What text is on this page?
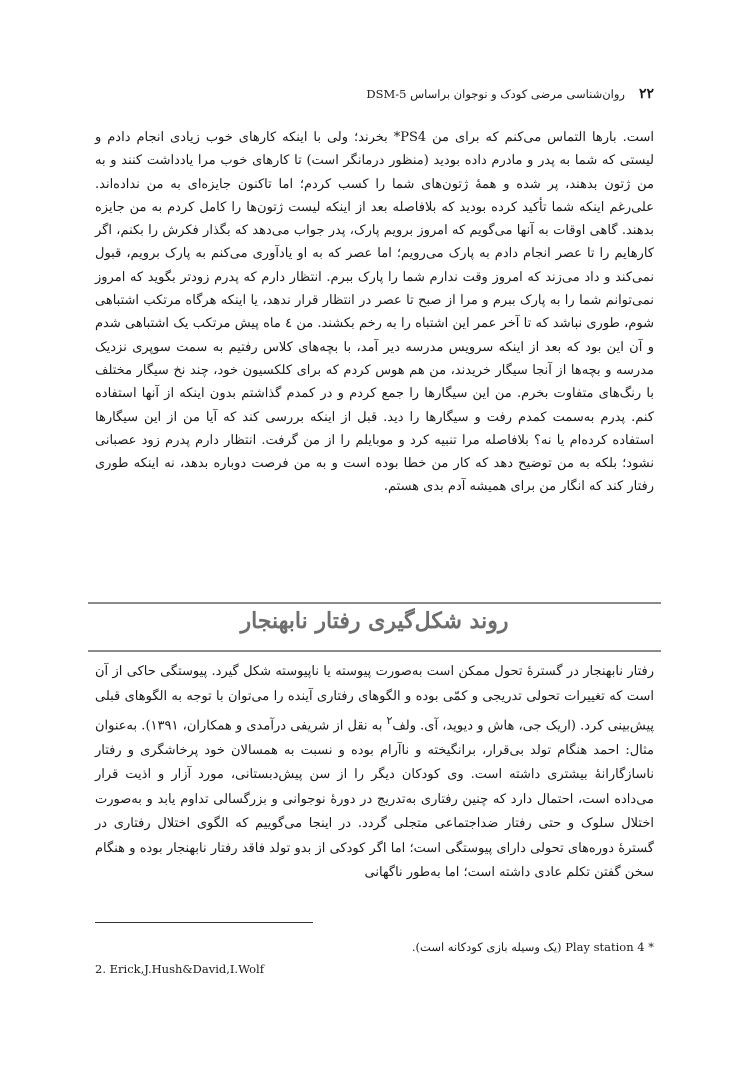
۲۲
روان‌شناسی مرضی کودک و نوجوان براساس DSM-5

است. بارها التماس می‌کنم که برای من PS4* بخرند؛ ولی با اینکه کارهای خوب زیادی انجام دادم و لیستی که شما به پدر و مادرم داده بودید (منظور درمانگر است) تا کارهای خوب مرا یادداشت کنند و به من ژتون بدهند، پر شده و همهٔ ژتون‌های شما را کسب کردم؛ اما تاکنون جایزه‌ای به من نداده‌اند. علی‌رغم اینکه شما تأکید کرده بودید که بلافاصله بعد از اینکه لیست ژتون‌ها را کامل کردم به من جایزه بدهند. گاهی اوقات به آنها می‌گویم که امروز برویم پارک، پدر جواب می‌دهد که بگذار فکرش را بکنم، اگر کارهایم را تا عصر انجام دادم به پارک می‌رویم؛ اما عصر که به او یادآوری می‌کنم به پارک برویم، قبول نمی‌کند و داد می‌زند که امروز وقت ندارم شما را پارک ببرم. انتظار دارم که پدرم زودتر بگوید که امروز نمی‌توانم شما را به پارک ببرم و مرا از صبح تا عصر در انتظار قرار ندهد، یا اینکه هرگاه مرتکب اشتباهی شوم، طوری نباشد که تا آخر عمر این اشتباه را به رخم بکشند. من ٤ ماه پیش مرتکب یک اشتباهی شدم و آن این بود که بعد از اینکه سرویس مدرسه دیر آمد، با بچه‌های کلاس رفتیم به سمت سوپری نزدیک مدرسه و بچه‌ها از آنجا سیگار خریدند، من هم هوس کردم که برای کلکسیون خود، چند نخ سیگار مختلف با رنگ‌های متفاوت بخرم. من این سیگارها را جمع کردم و در کمدم گذاشتم بدون اینکه از آنها استفاده کنم. پدرم به‌سمت کمدم رفت و سیگارها را دید. قبل از اینکه بررسی کند که آیا من از این سیگارها استفاده کرده‌ام یا نه؟ بلافاصله مرا تنبیه کرد و موبایلم را از من گرفت. انتظار دارم پدرم زود عصبانی نشود؛ بلکه به من توضیح دهد که کار من خطا بوده است و به من فرصت دوباره بدهد، نه اینکه طوری رفتار کند که انگار من برای همیشه آدم بدی هستم.

روند شکل‌گیری رفتار نابهنجار

رفتار نابهنجار در گسترهٔ تحول ممکن است به‌صورت پیوسته یا ناپیوسته شکل گیرد. پیوستگی حاکی از آن است که تغییرات تحولی تدریجی و کمّی بوده و الگوهای رفتاری آینده را می‌توان با توجه به الگوهای قبلی پیش‌بینی کرد. (اریک جی، هاش و دیوید، آی. ولف$^۲$ به نقل از شریفی درآمدی و همکاران، ۱۳۹۱). به‌عنوان مثال: احمد هنگام تولد بی‌قرار، برانگیخته و ناآرام بوده و نسبت به همسالان خود پرخاشگری و رفتار ناسازگارانهٔ بیشتری داشته است. وی کودکان دیگر را از سن پیش‌دبستانی، مورد آزار و اذیت قرار می‌داده است، احتمال دارد که چنین رفتاری به‌تدریج در دورهٔ نوجوانی و بزرگسالی تداوم یابد و به‌صورت اختلال سلوک و حتی رفتار ضداجتماعی متجلی گردد. در اینجا می‌گوییم که الگوی اختلال رفتاری در گسترهٔ دوره‌های تحولی دارای پیوستگی است؛ اما اگر کودکی از بدو تولد فاقد رفتار نابهنجار بوده و هنگام سخن گفتن تکلم عادی داشته است؛ اما به‌طور ناگهانی

* Play station 4 (یک وسیله بازی کودکانه است).
2. Erick,J.Hush&David,I.Wolf
